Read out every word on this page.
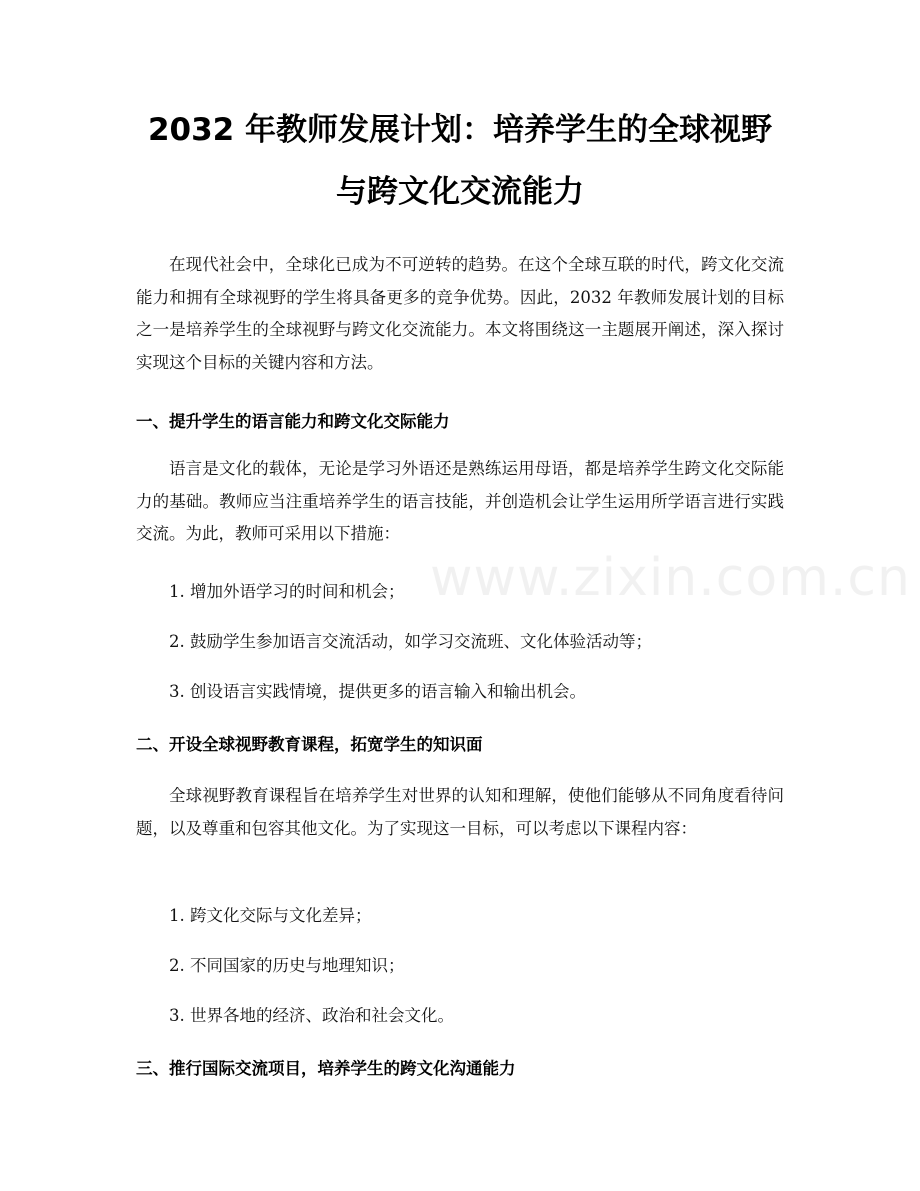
2032 年教师发展计划：培养学生的全球视野
与跨文化交流能力

在现代社会中，全球化已成为不可逆转的趋势。在这个全球互联的时代，跨文化交流能力和拥有全球视野的学生将具备更多的竞争优势。因此，2032 年教师发展计划的目标之一是培养学生的全球视野与跨文化交流能力。本文将围绕这一主题展开阐述，深入探讨实现这个目标的关键内容和方法。

一、提升学生的语言能力和跨文化交际能力

语言是文化的载体，无论是学习外语还是熟练运用母语，都是培养学生跨文化交际能力的基础。教师应当注重培养学生的语言技能，并创造机会让学生运用所学语言进行实践交流。为此，教师可采用以下措施：

1. 增加外语学习的时间和机会；

2. 鼓励学生参加语言交流活动，如学习交流班、文化体验活动等；

3. 创设语言实践情境，提供更多的语言输入和输出机会。

二、开设全球视野教育课程，拓宽学生的知识面

全球视野教育课程旨在培养学生对世界的认知和理解，使他们能够从不同角度看待问题，以及尊重和包容其他文化。为了实现这一目标，可以考虑以下课程内容：

1. 跨文化交际与文化差异；

2. 不同国家的历史与地理知识；

3. 世界各地的经济、政治和社会文化。

三、推行国际交流项目，培养学生的跨文化沟通能力
www.zixin.com.cn
